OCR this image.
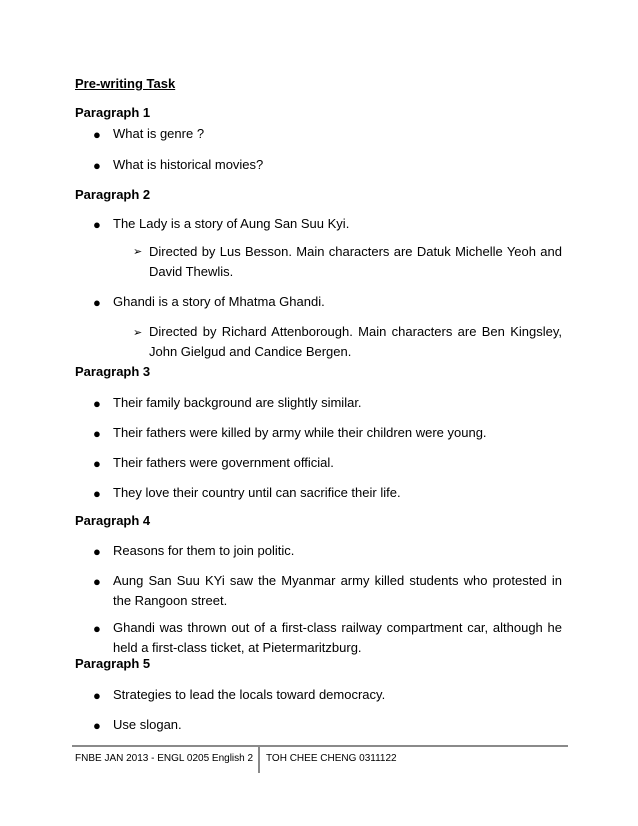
Pre-writing Task
Paragraph 1
● What is genre ?
● What is historical movies?
Paragraph 2
● The Lady is a story of Aung San Suu Kyi.
➢ Directed by Lus Besson. Main characters are Datuk Michelle Yeoh and David Thewlis.
● Ghandi is a story of Mhatma Ghandi.
➢ Directed by Richard Attenborough. Main characters are Ben Kingsley, John Gielgud and Candice Bergen.
Paragraph 3
● Their family background are slightly similar.
● Their fathers were killed by army while their children were young.
● Their fathers were government official.
● They love their country until can sacrifice their life.
Paragraph 4
● Reasons for them to join politic.
● Aung San Suu KYi saw the Myanmar army killed students who protested in the Rangoon street.
● Ghandi was thrown out of a first-class railway compartment car, although he held a first-class ticket, at Pietermaritzburg.
Paragraph 5
● Strategies to lead the locals toward democracy.
● Use slogan.
FNBE JAN 2013 - ENGL 0205 English 2 TOH CHEE CHENG 0311122
